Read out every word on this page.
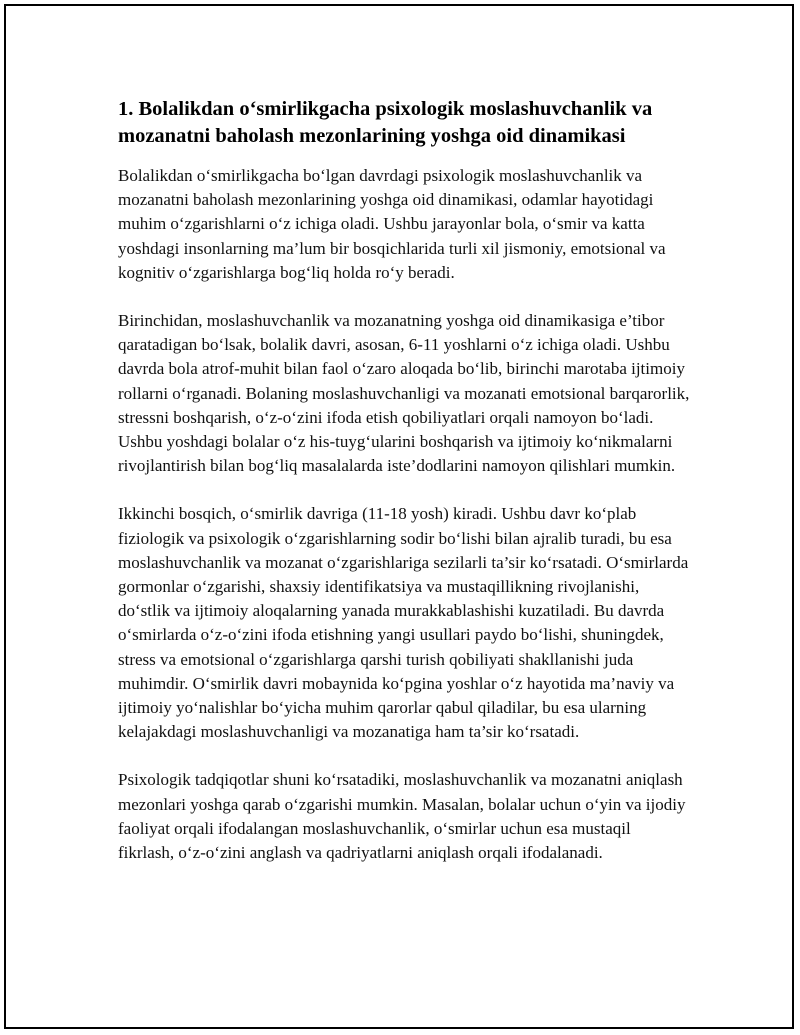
1. Bolalikdan o‘smirlikgacha psixologik moslashuvchanlik va mozanatni baholash mezonlarining yoshga oid dinamikasi

Bolalikdan o‘smirlikgacha bo‘lgan davrdagi psixologik moslashuvchanlik va mozanatni baholash mezonlarining yoshga oid dinamikasi, odamlar hayotidagi muhim o‘zgarishlarni o‘z ichiga oladi. Ushbu jarayonlar bola, o‘smir va katta yoshdagi insonlarning ma’lum bir bosqichlarida turli xil jismoniy, emotsional va kognitiv o‘zgarishlarga bog‘liq holda ro‘y beradi.

Birinchidan, moslashuvchanlik va mozanatning yoshga oid dinamikasiga e’tibor qaratadigan bo‘lsak, bolalik davri, asosan, 6-11 yoshlarni o‘z ichiga oladi. Ushbu davrda bola atrof-muhit bilan faol o‘zaro aloqada bo‘lib, birinchi marotaba ijtimoiy rollarni o‘rganadi. Bolaning moslashuvchanligi va mozanati emotsional barqarorlik, stressni boshqarish, o‘z-o‘zini ifoda etish qobiliyatlari orqali namoyon bo‘ladi. Ushbu yoshdagi bolalar o‘z his-tuyg‘ularini boshqarish va ijtimoiy ko‘nikmalarni rivojlantirish bilan bog‘liq masalalarda iste’dodlarini namoyon qilishlari mumkin.

Ikkinchi bosqich, o‘smirlik davriga (11-18 yosh) kiradi. Ushbu davr ko‘plab fiziologik va psixologik o‘zgarishlarning sodir bo‘lishi bilan ajralib turadi, bu esa moslashuvchanlik va mozanat o‘zgarishlariga sezilarli ta’sir ko‘rsatadi. O‘smirlarda gormonlar o‘zgarishi, shaxsiy identifikatsiya va mustaqillikning rivojlanishi, do‘stlik va ijtimoiy aloqalarning yanada murakkablashishi kuzatiladi. Bu davrda o‘smirlarda o‘z-o‘zini ifoda etishning yangi usullari paydo bo‘lishi, shuningdek, stress va emotsional o‘zgarishlarga qarshi turish qobiliyati shakllanishi juda muhimdir. O‘smirlik davri mobaynida ko‘pgina yoshlar o‘z hayotida ma’naviy va ijtimoiy yo‘nalishlar bo‘yicha muhim qarorlar qabul qiladilar, bu esa ularning kelajakdagi moslashuvchanligi va mozanatiga ham ta’sir ko‘rsatadi.

Psixologik tadqiqotlar shuni ko‘rsatadiki, moslashuvchanlik va mozanatni aniqlash mezonlari yoshga qarab o‘zgarishi mumkin. Masalan, bolalar uchun o‘yin va ijodiy faoliyat orqali ifodalangan moslashuvchanlik, o‘smirlar uchun esa mustaqil fikrlash, o‘z-o‘zini anglash va qadriyatlarni aniqlash orqali ifodalanadi.
